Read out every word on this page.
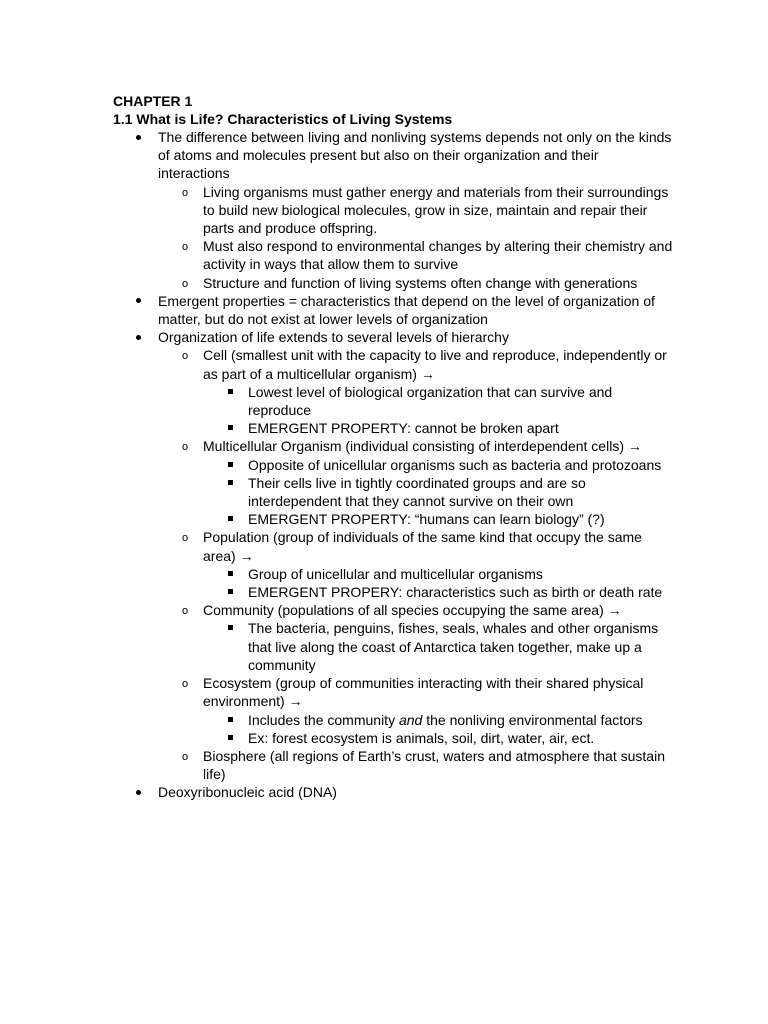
CHAPTER 1
1.1 What is Life? Characteristics of Living Systems
The difference between living and nonliving systems depends not only on the kinds of atoms and molecules present but also on their organization and their interactions
o Living organisms must gather energy and materials from their surroundings to build new biological molecules, grow in size, maintain and repair their parts and produce offspring.
o Must also respond to environmental changes by altering their chemistry and activity in ways that allow them to survive
o Structure and function of living systems often change with generations
Emergent properties = characteristics that depend on the level of organization of matter, but do not exist at lower levels of organization
Organization of life extends to several levels of hierarchy
o Cell (smallest unit with the capacity to live and reproduce, independently or as part of a multicellular organism) →
Lowest level of biological organization that can survive and reproduce
EMERGENT PROPERTY: cannot be broken apart
o Multicellular Organism (individual consisting of interdependent cells) →
Opposite of unicellular organisms such as bacteria and protozoans
Their cells live in tightly coordinated groups and are so interdependent that they cannot survive on their own
EMERGENT PROPERTY: “humans can learn biology” (?)
o Population (group of individuals of the same kind that occupy the same area) →
Group of unicellular and multicellular organisms
EMERGENT PROPERY: characteristics such as birth or death rate
o Community (populations of all species occupying the same area) →
The bacteria, penguins, fishes, seals, whales and other organisms that live along the coast of Antarctica taken together, make up a community
o Ecosystem (group of communities interacting with their shared physical environment) →
Includes the community and the nonliving environmental factors
Ex: forest ecosystem is animals, soil, dirt, water, air, ect.
o Biosphere (all regions of Earth’s crust, waters and atmosphere that sustain life)
Deoxyribonucleic acid (DNA)
